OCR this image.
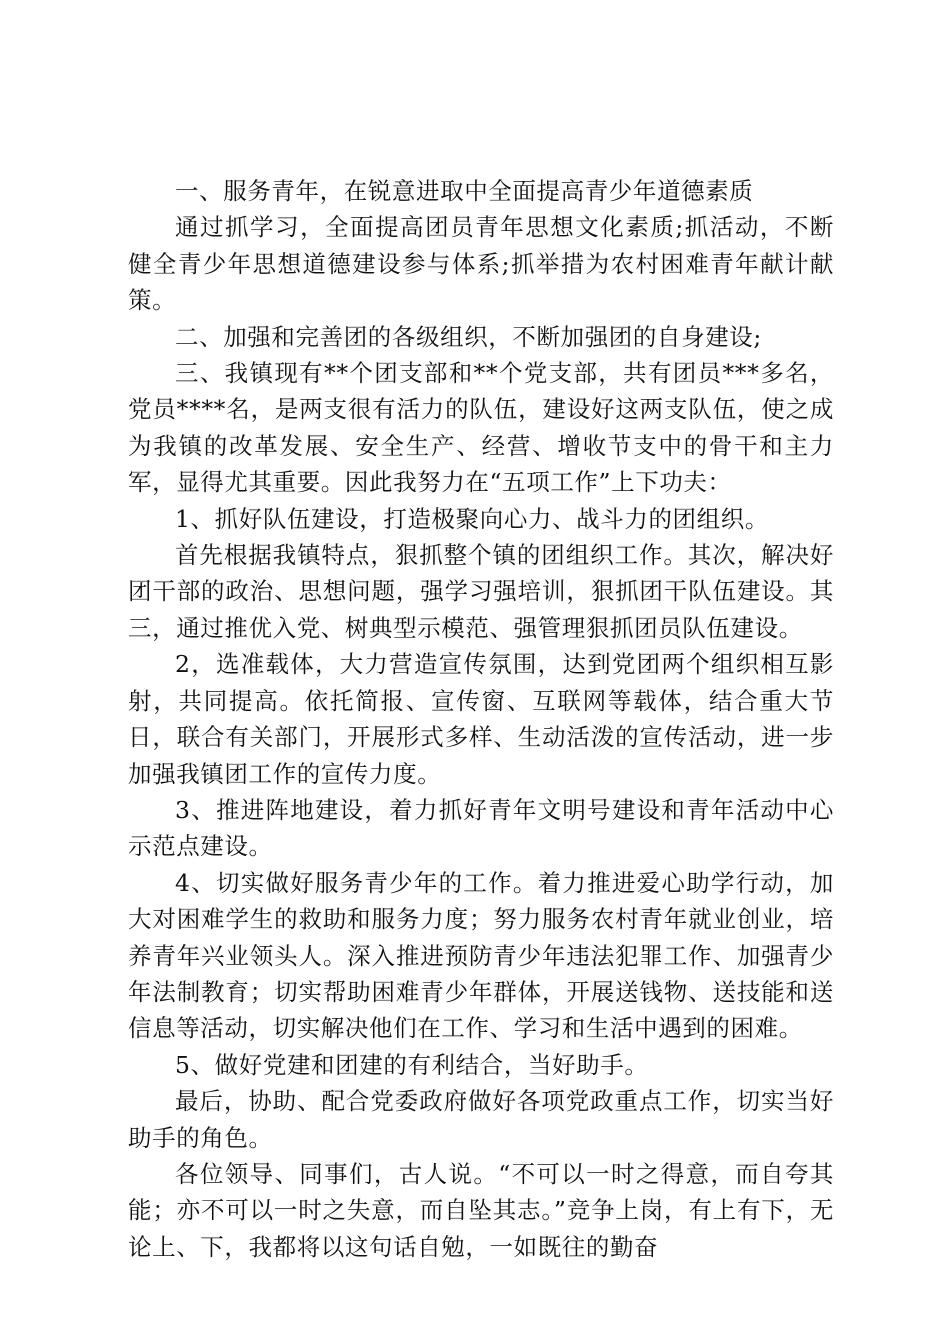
一、服务青年，在锐意进取中全面提高青少年道德素质

通过抓学习，全面提高团员青年思想文化素质;抓活动，不断健全青少年思想道德建设参与体系;抓举措为农村困难青年献计献策。

二、加强和完善团的各级组织，不断加强团的自身建设;

三、我镇现有**个团支部和**个党支部，共有团员***多名，党员****名，是两支很有活力的队伍，建设好这两支队伍，使之成为我镇的改革发展、安全生产、经营、增收节支中的骨干和主力军，显得尤其重要。因此我努力在“五项工作”上下功夫：

1、抓好队伍建设，打造极聚向心力、战斗力的团组织。

首先根据我镇特点，狠抓整个镇的团组织工作。其次，解决好团干部的政治、思想问题，强学习强培训，狠抓团干队伍建设。其三，通过推优入党、树典型示模范、强管理狠抓团员队伍建设。

2，选准载体，大力营造宣传氛围，达到党团两个组织相互影射，共同提高。依托简报、宣传窗、互联网等载体，结合重大节日，联合有关部门，开展形式多样、生动活泼的宣传活动，进一步加强我镇团工作的宣传力度。

3、推进阵地建设，着力抓好青年文明号建设和青年活动中心示范点建设。

4、切实做好服务青少年的工作。着力推进爱心助学行动，加大对困难学生的救助和服务力度；努力服务农村青年就业创业，培养青年兴业领头人。深入推进预防青少年违法犯罪工作、加强青少年法制教育；切实帮助困难青少年群体，开展送钱物、送技能和送信息等活动，切实解决他们在工作、学习和生活中遇到的困难。

5、做好党建和团建的有利结合，当好助手。

最后，协助、配合党委政府做好各项党政重点工作，切实当好助手的角色。

各位领导、同事们，古人说。“不可以一时之得意，而自夸其能；亦不可以一时之失意，而自坠其志。”竞争上岗，有上有下，无论上、下，我都将以这句话自勉，一如既往的勤奋
